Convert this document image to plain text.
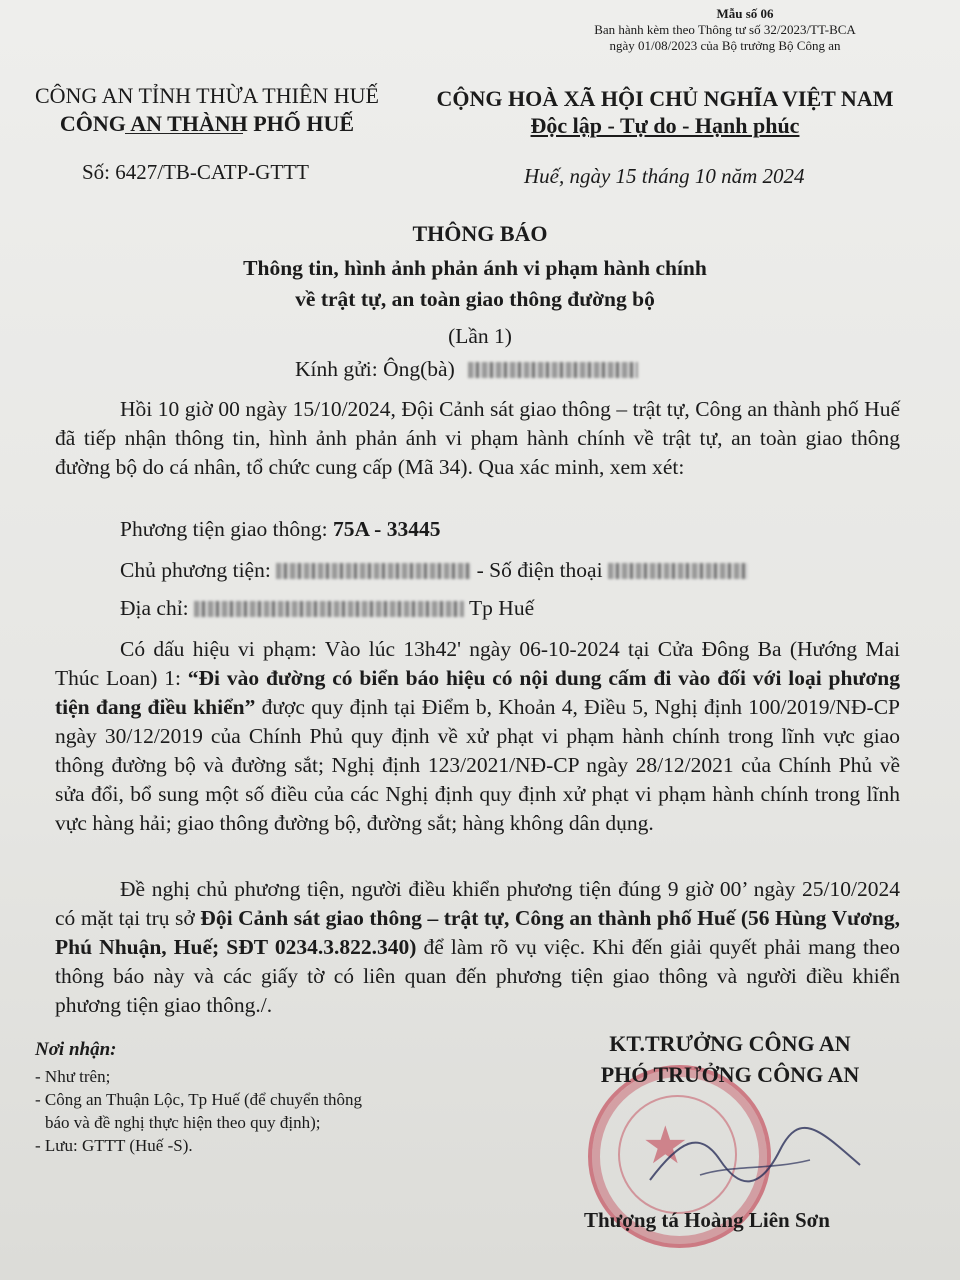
Mẫu số 06
Ban hành kèm theo Thông tư số 32/2023/TT-BCA
ngày 01/08/2023 của Bộ trưởng Bộ Công an
CÔNG AN TỈNH THỪA THIÊN HUẾ
CÔNG AN THÀNH PHỐ HUẾ
Số: 6427/TB-CATP-GTTT
CỘNG HOÀ XÃ HỘI CHỦ NGHĨA VIỆT NAM
Độc lập - Tự do - Hạnh phúc
Huế, ngày 15 tháng 10 năm 2024
THÔNG BÁO
Thông tin, hình ảnh phản ánh vi phạm hành chính
về trật tự, an toàn giao thông đường bộ
(Lần 1)
Kính gửi: Ông(bà)
Hồi 10 giờ 00 ngày 15/10/2024, Đội Cảnh sát giao thông – trật tự, Công an thành phố Huế đã tiếp nhận thông tin, hình ảnh phản ánh vi phạm hành chính về trật tự, an toàn giao thông đường bộ do cá nhân, tổ chức cung cấp (Mã 34). Qua xác minh, xem xét:
Phương tiện giao thông: 75A - 33445
Chủ phương tiện:	- Số điện thoại
Địa chỉ:	Tp Huế
Có dấu hiệu vi phạm: Vào lúc 13h42' ngày 06-10-2024 tại Cửa Đông Ba (Hướng Mai Thúc Loan) 1: “Đi vào đường có biển báo hiệu có nội dung cấm đi vào đối với loại phương tiện đang điều khiển” được quy định tại Điểm b, Khoản 4, Điều 5, Nghị định 100/2019/NĐ-CP ngày 30/12/2019 của Chính Phủ quy định về xử phạt vi phạm hành chính trong lĩnh vực giao thông đường bộ và đường sắt; Nghị định 123/2021/NĐ-CP ngày 28/12/2021 của Chính Phủ về sửa đổi, bổ sung một số điều của các Nghị định quy định xử phạt vi phạm hành chính trong lĩnh vực hàng hải; giao thông đường bộ, đường sắt; hàng không dân dụng.
Đề nghị chủ phương tiện, người điều khiển phương tiện đúng 9 giờ 00’ ngày 25/10/2024 có mặt tại trụ sở Đội Cảnh sát giao thông – trật tự, Công an thành phố Huế (56 Hùng Vương, Phú Nhuận, Huế; SĐT 0234.3.822.340) để làm rõ vụ việc. Khi đến giải quyết phải mang theo thông báo này và các giấy tờ có liên quan đến phương tiện giao thông và người điều khiển phương tiện giao thông./.
Nơi nhận:
- Như trên;
- Công an Thuận Lộc, Tp Huế (để chuyển thông
báo và đề nghị thực hiện theo quy định);
- Lưu: GTTT (Huế -S).	★
KT.TRƯỞNG CÔNG AN
PHÓ TRƯỞNG CÔNG AN
Thượng tá Hoàng Liên Sơn
